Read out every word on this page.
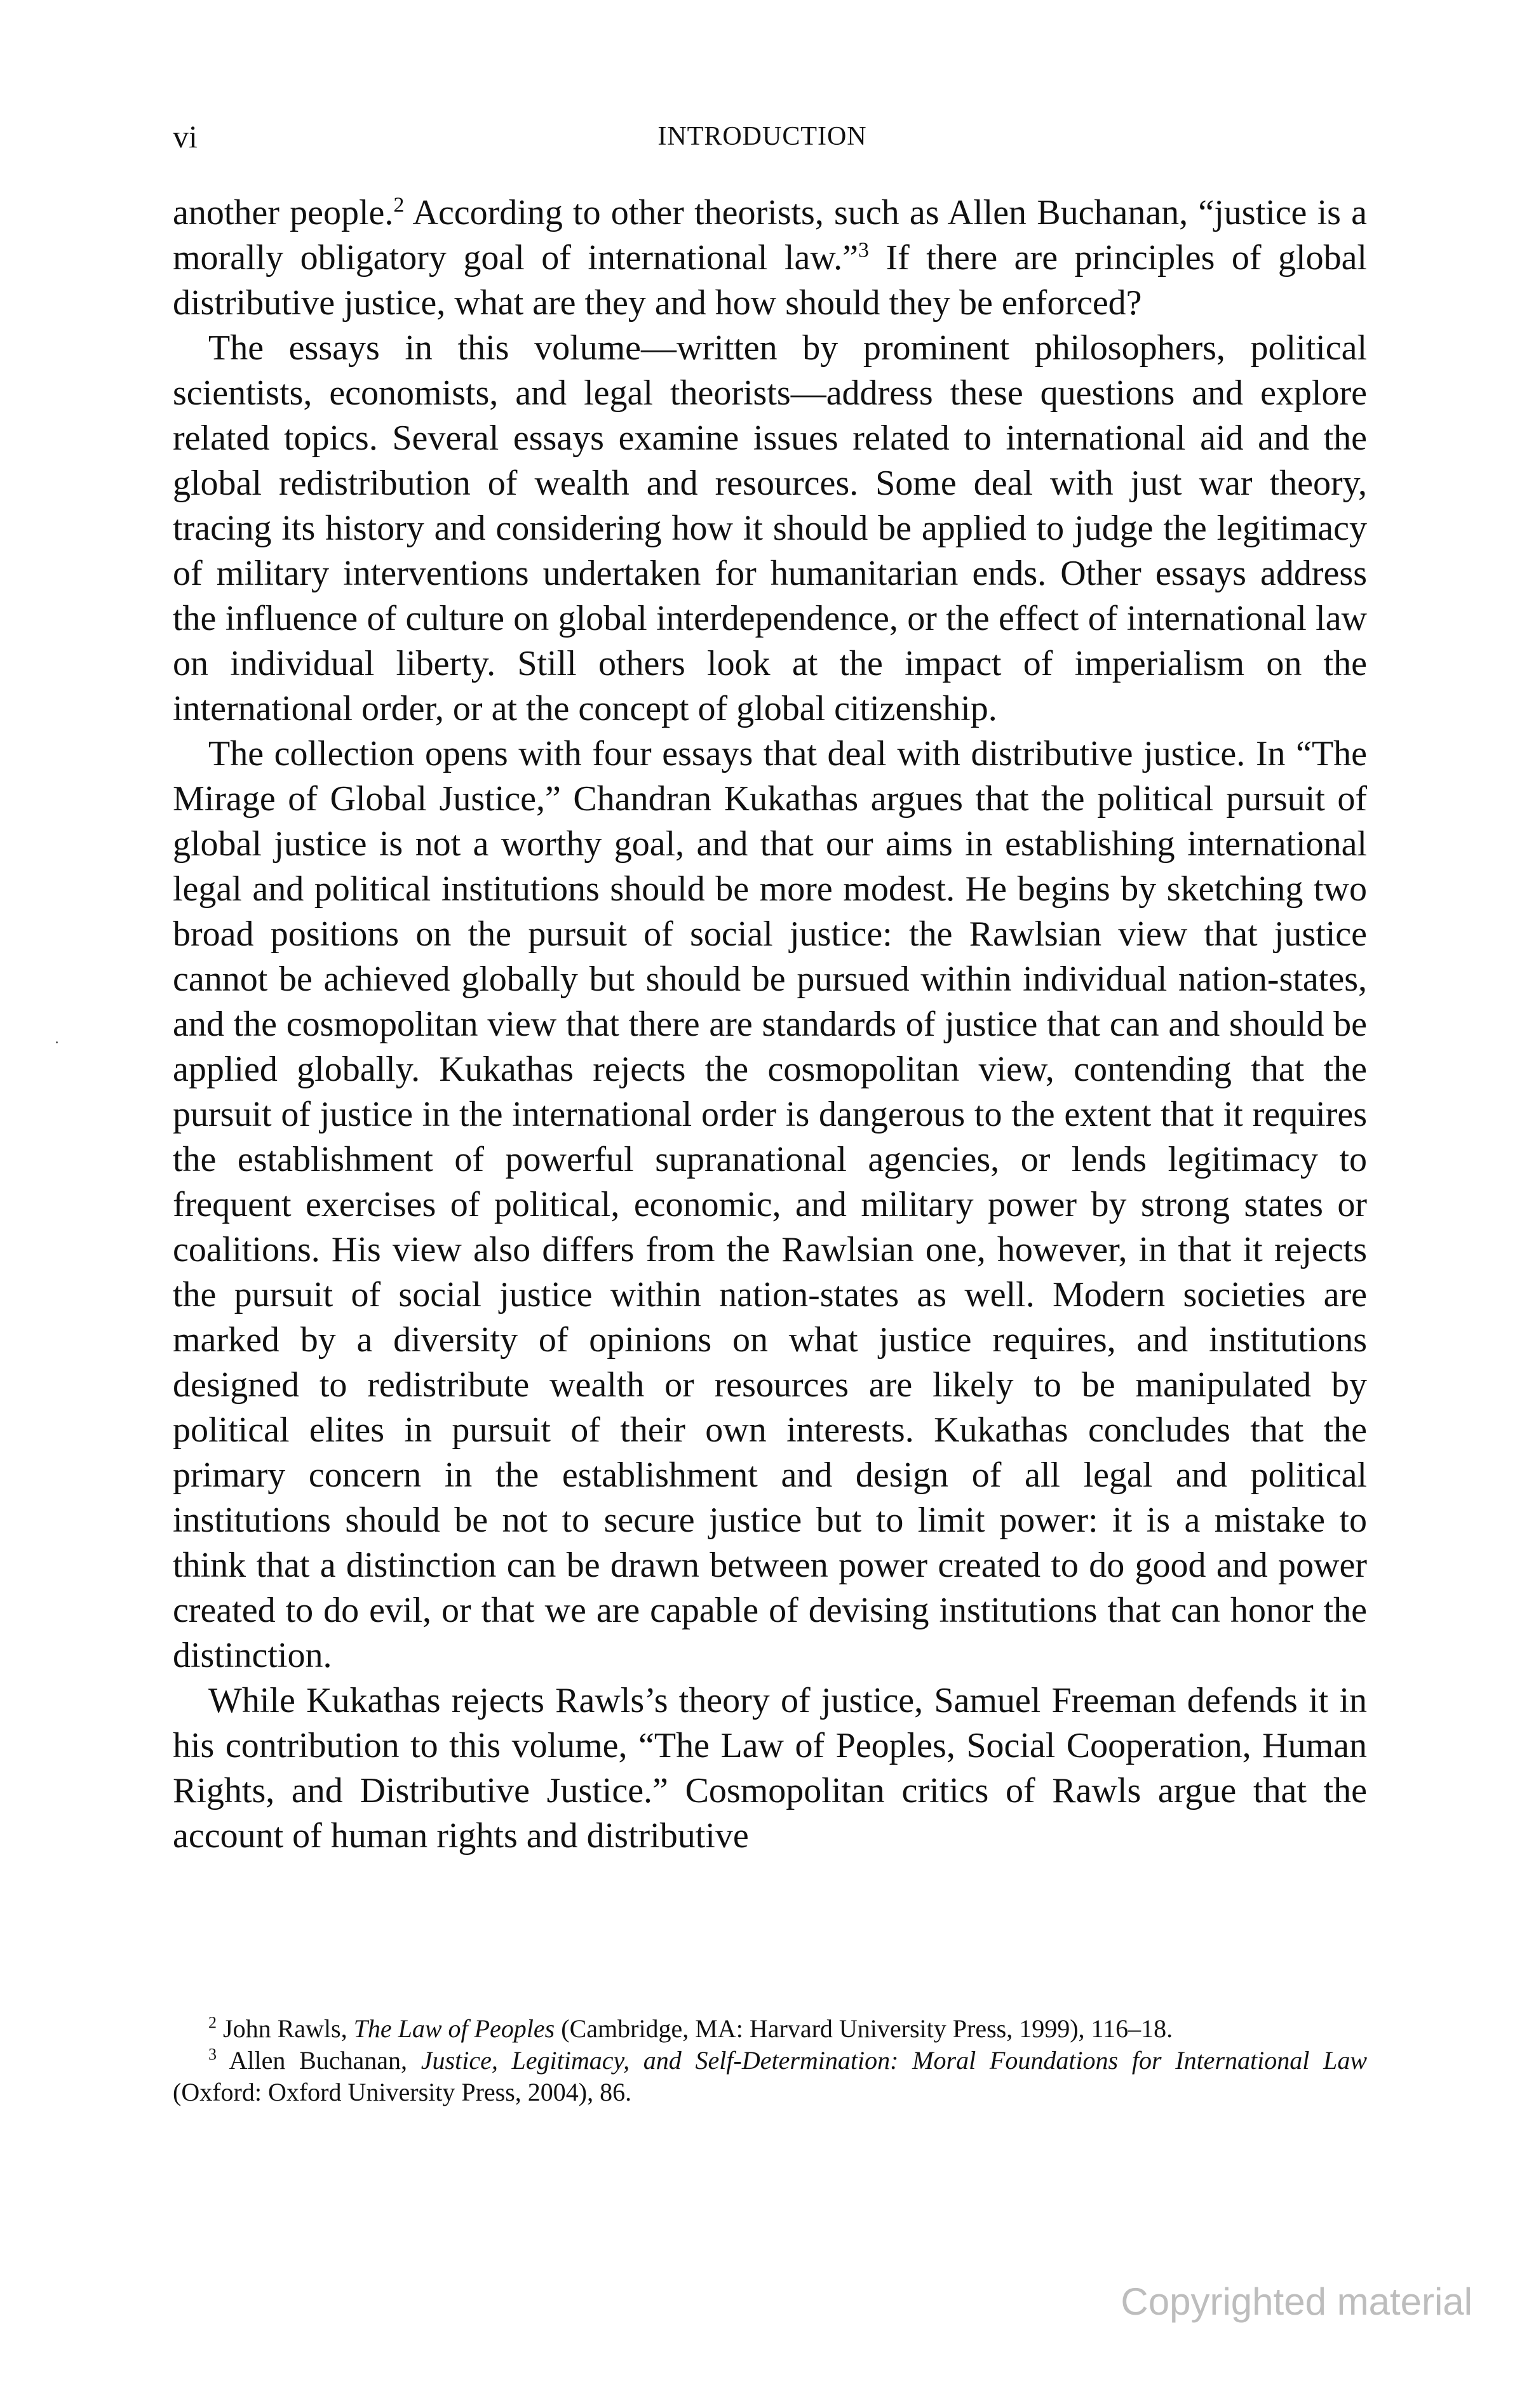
vi	INTRODUCTION

another people.$^2$ According to other theorists, such as Allen Buchanan, “justice is a morally obligatory goal of international law.”$^3$ If there are principles of global distributive justice, what are they and how should they be enforced?

The essays in this volume—written by prominent philosophers, political scientists, economists, and legal theorists—address these questions and explore related topics. Several essays examine issues related to international aid and the global redistribution of wealth and resources. Some deal with just war theory, tracing its history and considering how it should be applied to judge the legitimacy of military interventions undertaken for humanitarian ends. Other essays address the influence of culture on global interdependence, or the effect of international law on individual liberty. Still others look at the impact of imperialism on the international order, or at the concept of global citizenship.

The collection opens with four essays that deal with distributive justice. In “The Mirage of Global Justice,” Chandran Kukathas argues that the political pursuit of global justice is not a worthy goal, and that our aims in establishing international legal and political institutions should be more modest. He begins by sketching two broad positions on the pursuit of social justice: the Rawlsian view that justice cannot be achieved globally but should be pursued within individual nation-states, and the cosmopolitan view that there are standards of justice that can and should be applied globally. Kukathas rejects the cosmopolitan view, contending that the pursuit of justice in the international order is dangerous to the extent that it requires the establishment of powerful supranational agencies, or lends legitimacy to frequent exercises of political, economic, and military power by strong states or coalitions. His view also differs from the Rawlsian one, however, in that it rejects the pursuit of social justice within nation-states as well. Modern societies are marked by a diversity of opinions on what justice requires, and institutions designed to redistribute wealth or resources are likely to be manipulated by political elites in pursuit of their own interests. Kukathas concludes that the primary concern in the establishment and design of all legal and political institutions should be not to secure justice but to limit power: it is a mistake to think that a distinction can be drawn between power created to do good and power created to do evil, or that we are capable of devising institutions that can honor the distinction.

While Kukathas rejects Rawls’s theory of justice, Samuel Freeman defends it in his contribution to this volume, “The Law of Peoples, Social Cooperation, Human Rights, and Distributive Justice.” Cosmopolitan critics of Rawls argue that the account of human rights and distributive

$^2$ John Rawls, The Law of Peoples (Cambridge, MA: Harvard University Press, 1999), 116–18.

$^3$ Allen Buchanan, Justice, Legitimacy, and Self-Determination: Moral Foundations for International Law (Oxford: Oxford University Press, 2004), 86.

Copyrighted material
